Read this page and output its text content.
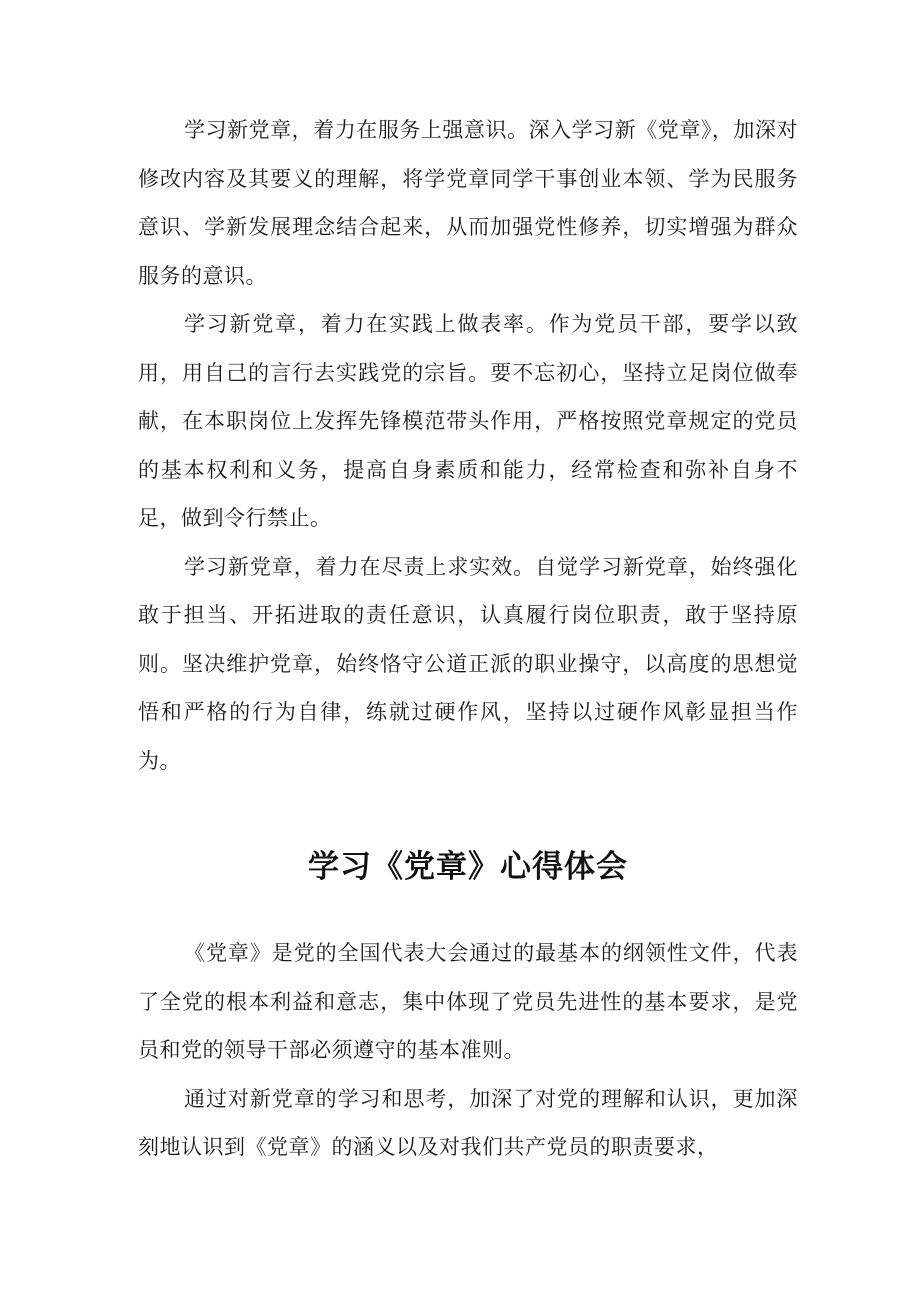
学习新党章，着力在服务上强意识。深入学习新《党章》，加深对修改内容及其要义的理解，将学党章同学干事创业本领、学为民服务意识、学新发展理念结合起来，从而加强党性修养，切实增强为群众服务的意识。

学习新党章，着力在实践上做表率。作为党员干部，要学以致用，用自己的言行去实践党的宗旨。要不忘初心，坚持立足岗位做奉献，在本职岗位上发挥先锋模范带头作用，严格按照党章规定的党员的基本权利和义务，提高自身素质和能力，经常检查和弥补自身不足，做到令行禁止。

学习新党章，着力在尽责上求实效。自觉学习新党章，始终强化敢于担当、开拓进取的责任意识，认真履行岗位职责，敢于坚持原则。坚决维护党章，始终恪守公道正派的职业操守，以高度的思想觉悟和严格的行为自律，练就过硬作风，坚持以过硬作风彰显担当作为。

学习《党章》心得体会

《党章》是党的全国代表大会通过的最基本的纲领性文件，代表了全党的根本利益和意志，集中体现了党员先进性的基本要求，是党员和党的领导干部必须遵守的基本准则。

通过对新党章的学习和思考，加深了对党的理解和认识，更加深刻地认识到《党章》的涵义以及对我们共产党员的职责要求，
